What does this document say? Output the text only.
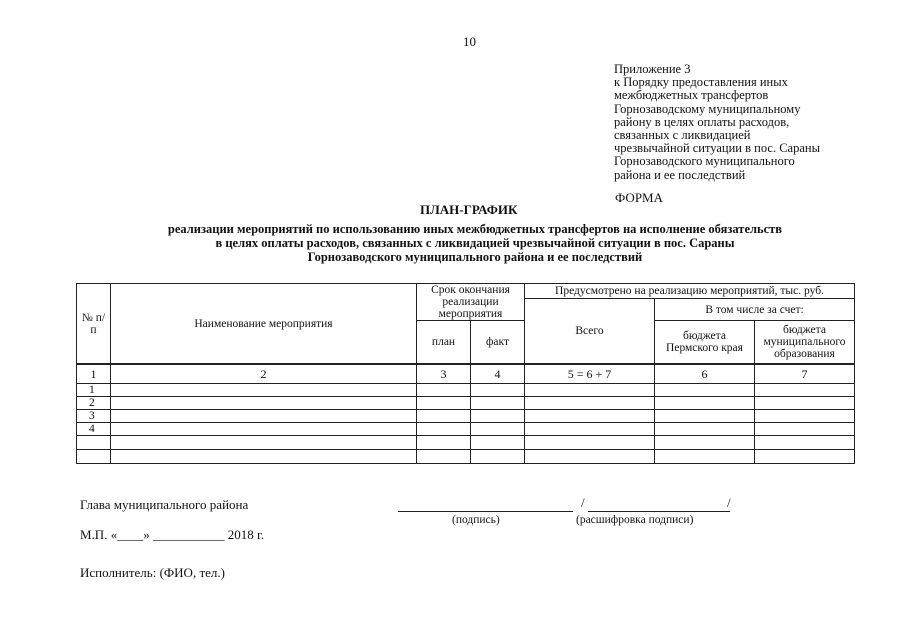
10
Приложение 3
к Порядку предоставления иных
межбюджетных трансфертов
Горнозаводскому муниципальному
району в целях оплаты расходов,
связанных с ликвидацией
чрезвычайной ситуации в пос. Сараны
Горнозаводского муниципального
района и ее последствий
ФОРМА
ПЛАН-ГРАФИК
реализации мероприятий по использованию иных межбюджетных трансфертов на исполнение обязательств
в целях оплаты расходов, связанных с ликвидацией чрезвычайной ситуации в пос. Сараны
Горнозаводского муниципального района и ее последствий
№ п/п	Наименование мероприятия	Срок окончания реализации мероприятия		Предусмотрено на реализацию мероприятий, тыс. руб.		
				Всего	В том числе за счет:	
		план	факт		бюджета Пермского края	бюджета муниципального образования
1	2	3	4	5 = 6 + 7	6	7
1						
2						
3						
4						

Глава муниципального района	/	/
(подпись)	(расшифровка подписи)
М.П. «____» ___________ 2018 г.
Исполнитель: (ФИО, тел.)
